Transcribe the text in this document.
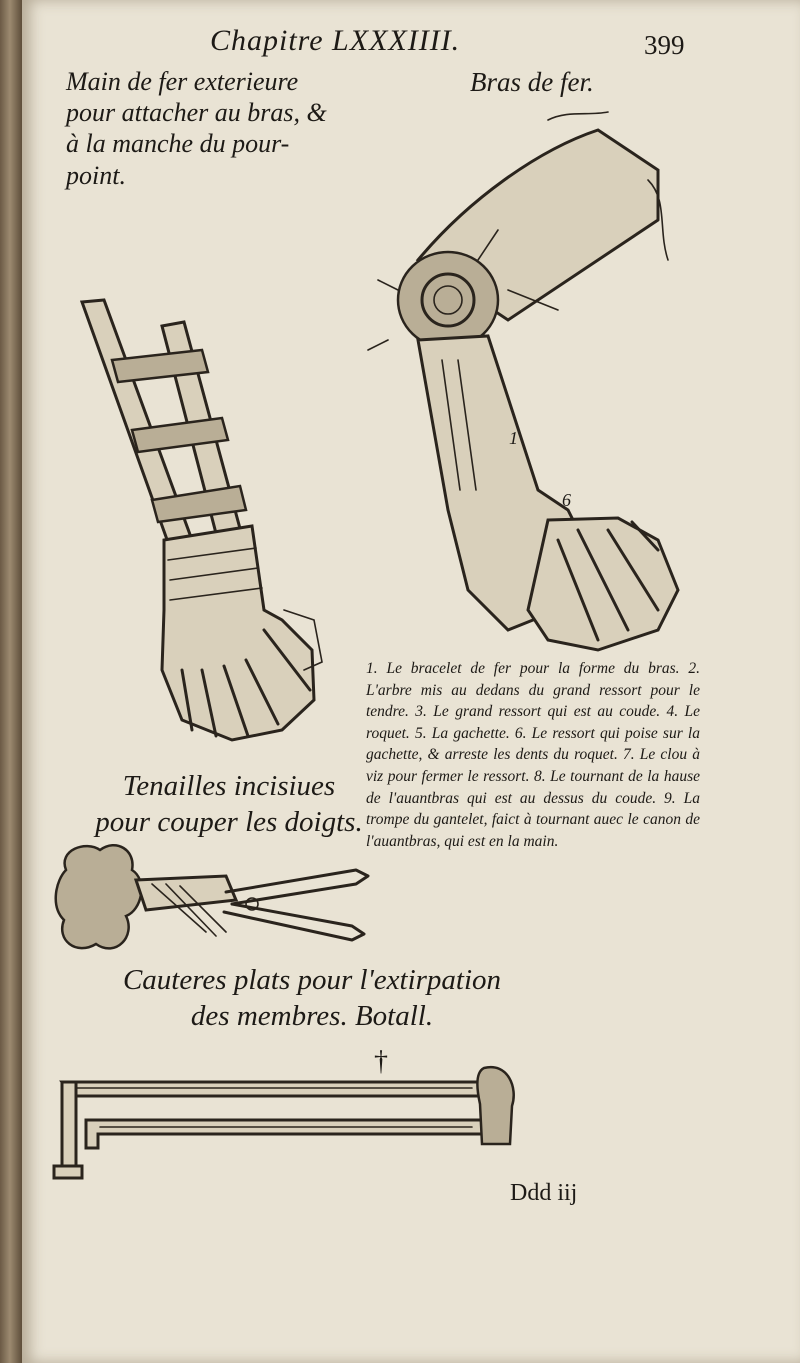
Chapitre LXXXIIII.	399
Main de fer exterieure pour attacher au bras, & à la manche du pour-point.
Bras de fer.
1
6
1. Le bracelet de fer pour la forme du bras. 2. L'arbre mis au dedans du grand ressort pour le tendre. 3. Le grand ressort qui est au coude. 4. Le roquet. 5. La gachette. 6. Le ressort qui poise sur la gachette, & arreste les dents du roquet. 7. Le clou à viz pour fermer le ressort. 8. Le tournant de la hause de l'auantbras qui est au dessus du coude. 9. La trompe du gantelet, faict à tournant auec le canon de l'auantbras, qui est en la main.
Tenailles incisiues pour couper les doigts.
Cauteres plats pour l'extirpation des membres. Botall.
†
Ddd iij
